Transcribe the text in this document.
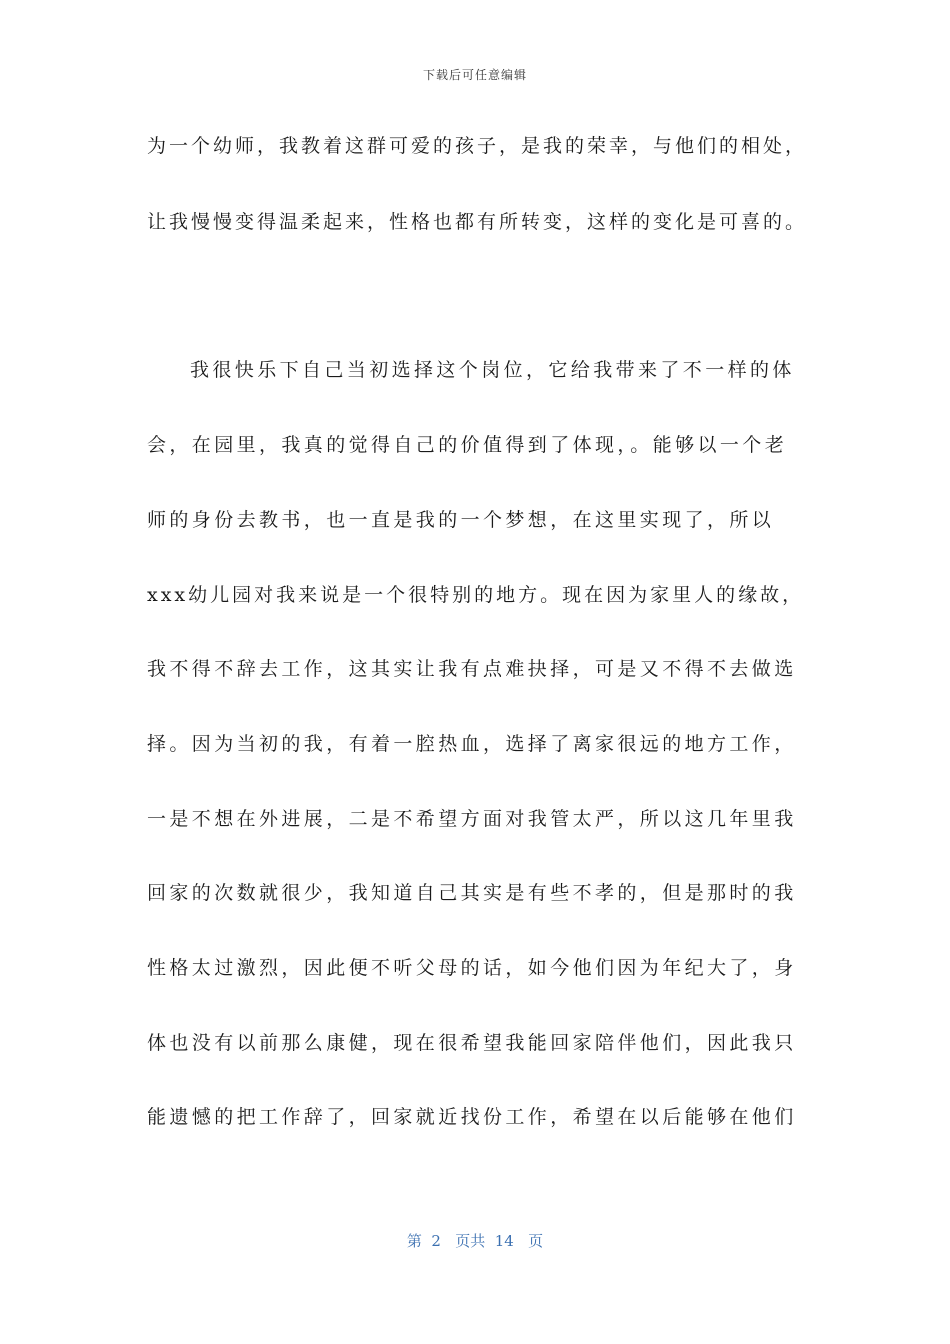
下载后可任意编辑
为一个幼师，我教着这群可爱的孩子，是我的荣幸，与他们的相处，
让我慢慢变得温柔起来，性格也都有所转变，这样的变化是可喜的。
我很快乐下自己当初选择这个岗位，它给我带来了不一样的体
会，在园里，我真的觉得自己的价值得到了体现，。能够以一个老
师的身份去教书，也一直是我的一个梦想，在这里实现了，所以
xxx幼儿园对我来说是一个很特别的地方。现在因为家里人的缘故，
我不得不辞去工作，这其实让我有点难抉择，可是又不得不去做选
择。因为当初的我，有着一腔热血，选择了离家很远的地方工作，
一是不想在外进展，二是不希望方面对我管太严，所以这几年里我
回家的次数就很少，我知道自己其实是有些不孝的，但是那时的我
性格太过激烈，因此便不听父母的话，如今他们因为年纪大了，身
体也没有以前那么康健，现在很希望我能回家陪伴他们，因此我只
能遗憾的把工作辞了，回家就近找份工作，希望在以后能够在他们
第  2   页共  14   页
